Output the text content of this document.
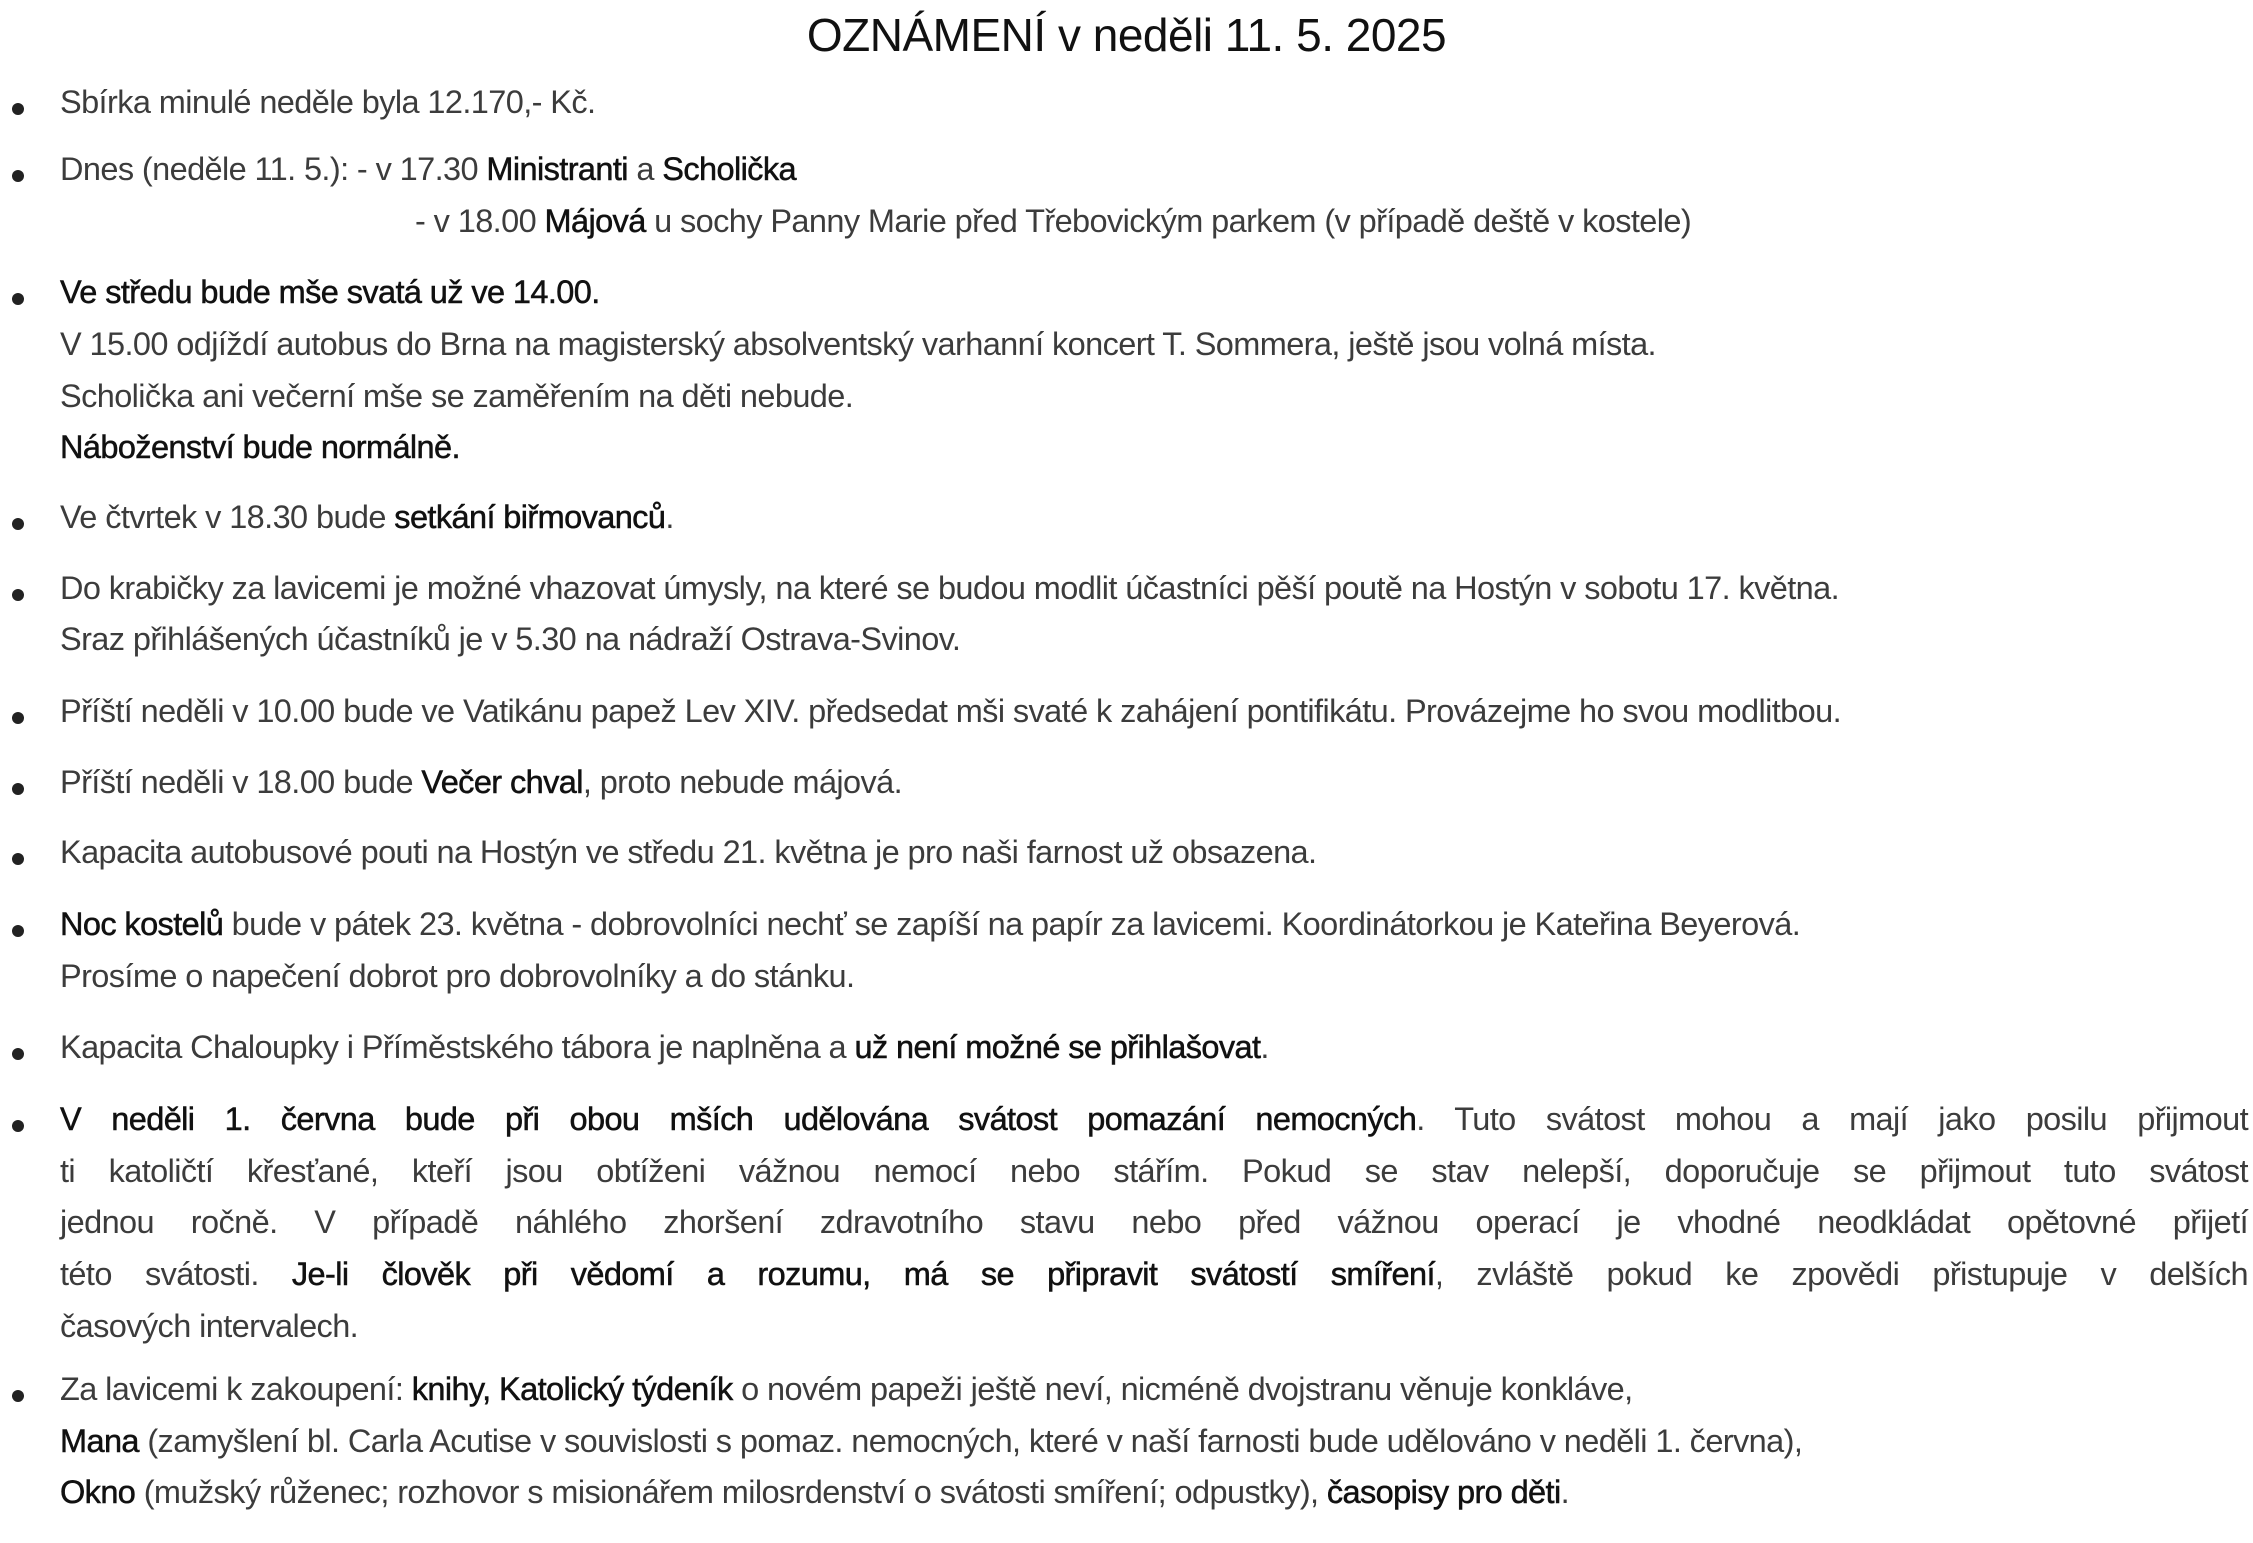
OZNÁMENÍ v neděli 11. 5. 2025
Sbírka minulé neděle byla 12.170,- Kč.
Dnes (neděle 11. 5.): - v 17.30 Ministranti a Scholička
- v 18.00 Májová u sochy Panny Marie před Třebovickým parkem (v případě deště v kostele)
Ve středu bude mše svatá už ve 14.00.
V 15.00 odjíždí autobus do Brna na magisterský absolventský varhanní koncert T. Sommera, ještě jsou volná místa.
Scholička ani večerní mše se zaměřením na děti nebude.
Náboženství bude normálně.
Ve čtvrtek v 18.30 bude setkání biřmovanců.
Do krabičky za lavicemi je možné vhazovat úmysly, na které se budou modlit účastníci pěší poutě na Hostýn v sobotu 17. května.
Sraz přihlášených účastníků je v 5.30 na nádraží Ostrava-Svinov.
Příští neděli v 10.00 bude ve Vatikánu papež Lev XIV. předsedat mši svaté k zahájení pontifikátu. Provázejme ho svou modlitbou.
Příští neděli v 18.00 bude Večer chval, proto nebude májová.
Kapacita autobusové pouti na Hostýn ve středu 21. května je pro naši farnost už obsazena.
Noc kostelů bude v pátek 23. května - dobrovolníci nechť se zapíší na papír za lavicemi. Koordinátorkou je Kateřina Beyerová.
Prosíme o napečení dobrot pro dobrovolníky a do stánku.
Kapacita Chaloupky i Příměstského tábora je naplněna a už není možné se přihlašovat.
V neděli 1. června bude při obou mších udělována svátost pomazání nemocných. Tuto svátost mohou a mají jako posilu přijmout
ti katoličtí křesťané, kteří jsou obtíženi vážnou nemocí nebo stářím. Pokud se stav nelepší, doporučuje se přijmout tuto svátost
jednou ročně. V případě náhlého zhoršení zdravotního stavu nebo před vážnou operací je vhodné neodkládat opětovné přijetí
této svátosti. Je-li člověk při vědomí a rozumu, má se připravit svátostí smíření, zvláště pokud ke zpovědi přistupuje v delších
časových intervalech.
Za lavicemi k zakoupení: knihy, Katolický týdeník o novém papeži ještě neví, nicméně dvojstranu věnuje konkláve,
Mana (zamyšlení bl. Carla Acutise v souvislosti s pomaz. nemocných, které v naší farnosti bude udělováno v neděli 1. června),
Okno (mužský růženec; rozhovor s misionářem milosrdenství o svátosti smíření; odpustky), časopisy pro děti.
